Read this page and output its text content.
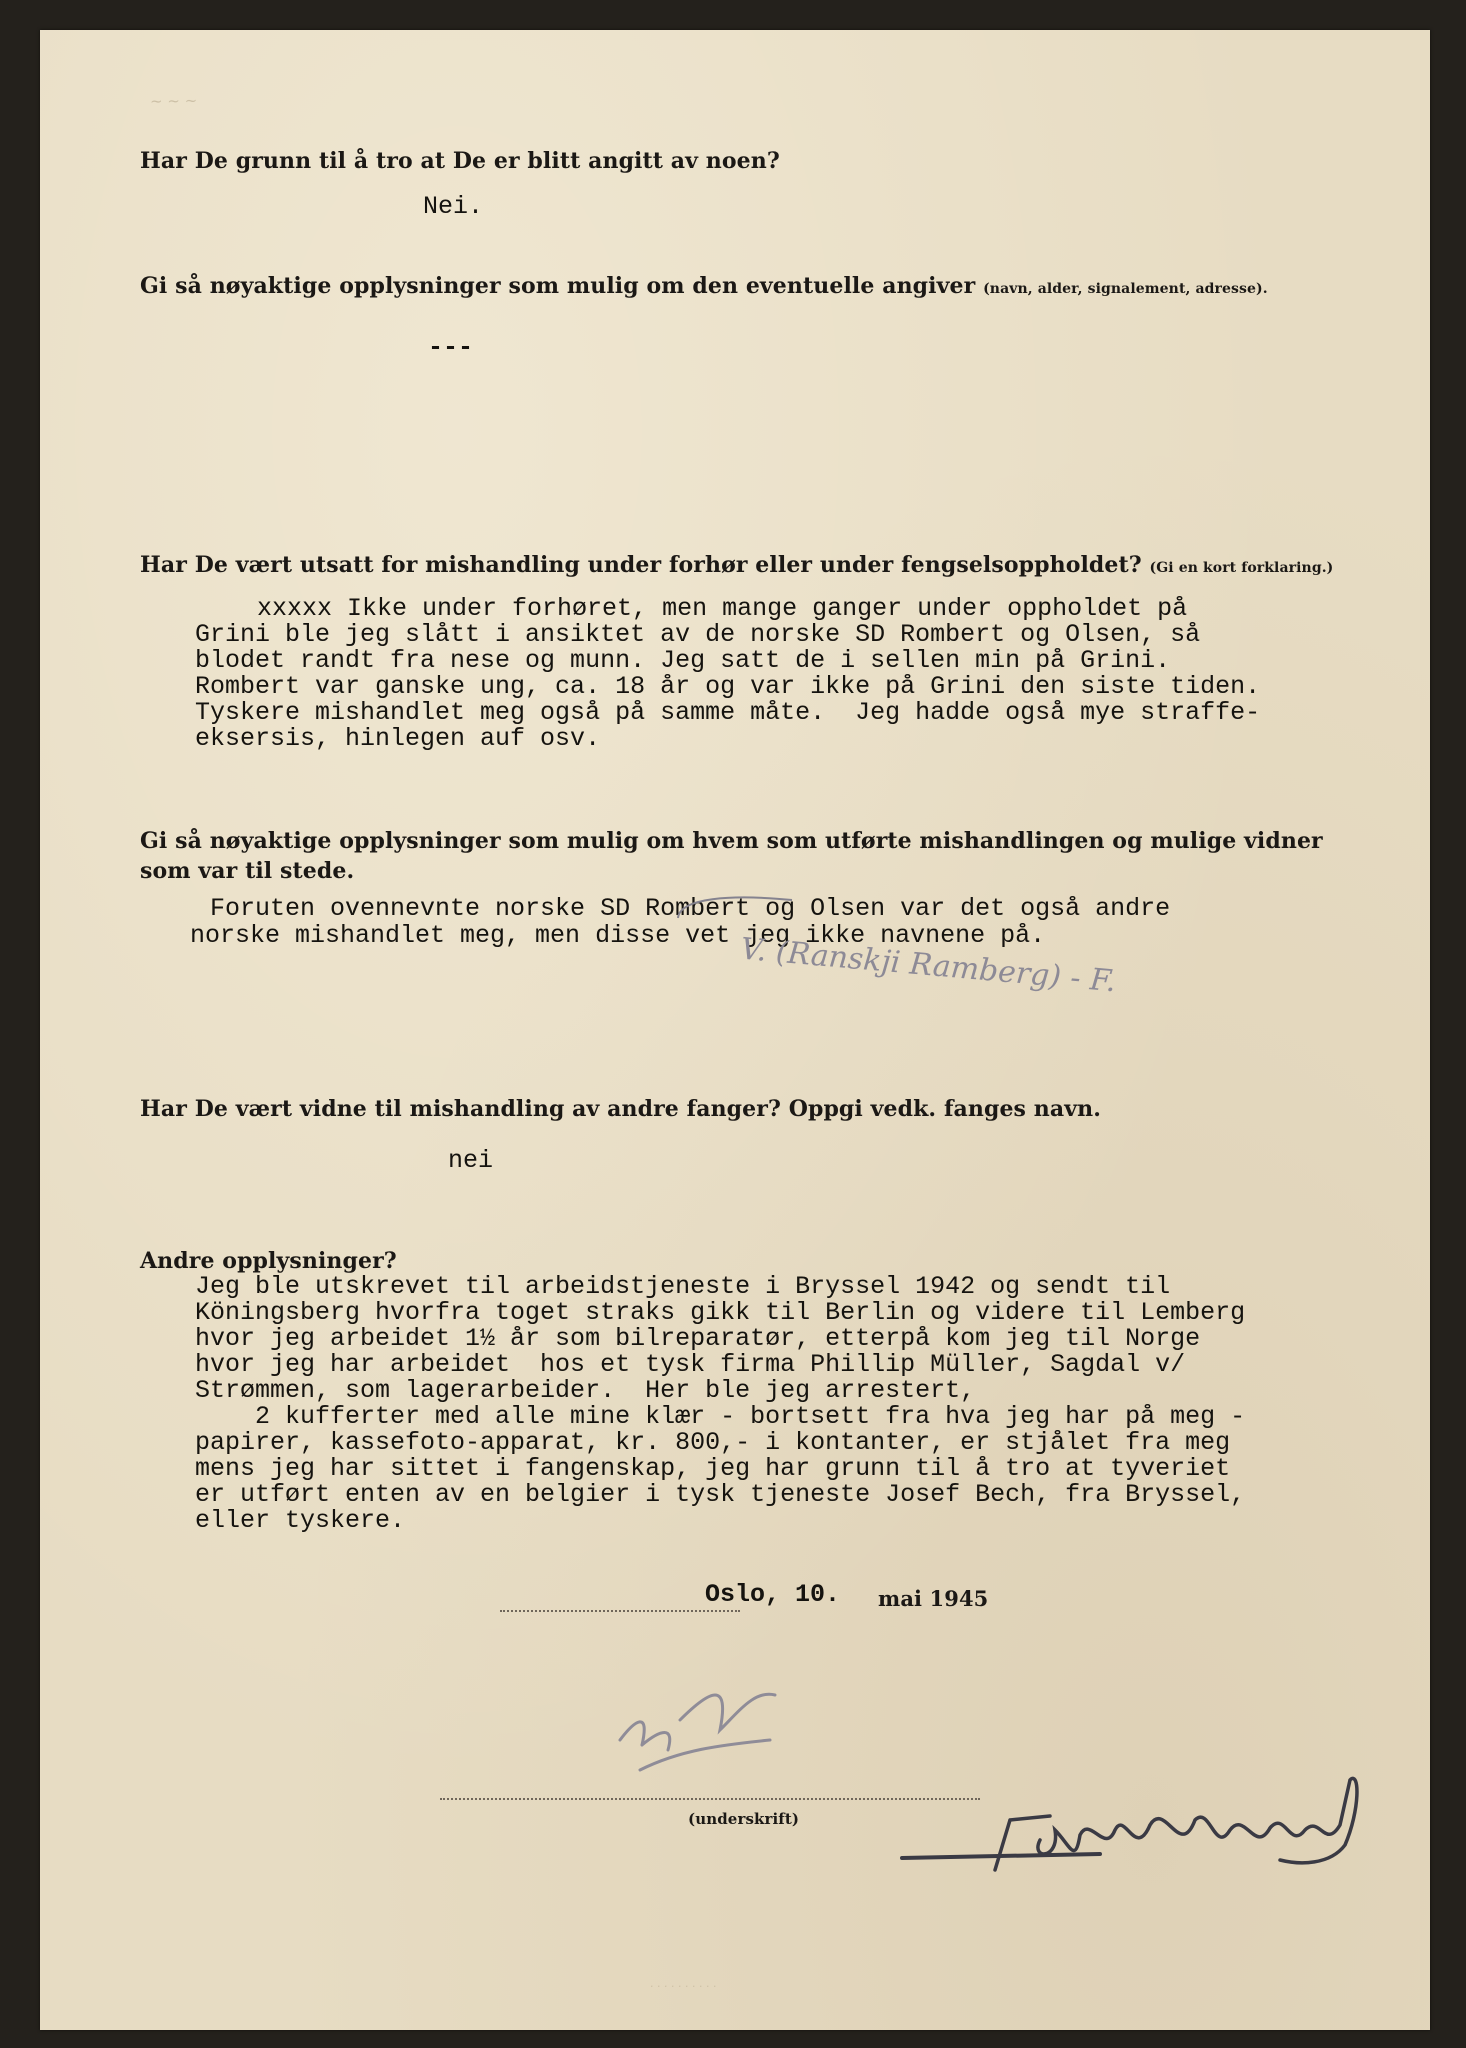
~ ~ ~
Har De grunn til å tro at De er blitt angitt av noen?
Nei.
Gi så nøyaktige opplysninger som mulig om den eventuelle angiver (navn, alder, signalement, adresse).
---
Har De vært utsatt for mishandling under forhør eller under fengselsoppholdet? (Gi en kort forklaring.)
xxxxx Ikke under forhøret, men mange ganger under oppholdet på
Grini ble jeg slått i ansiktet av de norske SD Rombert og Olsen, så
blodet randt fra nese og munn. Jeg satt de i sellen min på Grini.
Rombert var ganske ung, ca. 18 år og var ikke på Grini den siste tiden.
Tyskere mishandlet meg også på samme måte.  Jeg hadde også mye straffe-
eksersis, hinlegen auf osv.
Gi så nøyaktige opplysninger som mulig om hvem som utførte mishandlingen og mulige vidner
som var til stede.
Foruten ovennevnte norske SD Rombert og Olsen var det også andre
norske mishandlet meg, men disse vet jeg ikke navnene på.
V. (Ranskji Ramberg) - F.
Har De vært vidne til mishandling av andre fanger? Oppgi vedk. fanges navn.
nei
Andre opplysninger?
Jeg ble utskrevet til arbeidstjeneste i Bryssel 1942 og sendt til
Köningsberg hvorfra toget straks gikk til Berlin og videre til Lemberg
hvor jeg arbeidet 1½ år som bilreparatør, etterpå kom jeg til Norge
hvor jeg har arbeidet  hos et tysk firma Phillip Müller, Sagdal v/
Strømmen, som lagerarbeider.  Her ble jeg arrestert,
2 kufferter med alle mine klær - bortsett fra hva jeg har på meg -
papirer, kassefoto-apparat, kr. 800,- i kontanter, er stjålet fra meg
mens jeg har sittet i fangenskap, jeg har grunn til å tro at tyveriet
er utført enten av en belgier i tysk tjeneste Josef Bech, fra Bryssel,
eller tyskere.
Oslo, 10. mai 1945
(underskrift)
· · · · · · · · · ·
